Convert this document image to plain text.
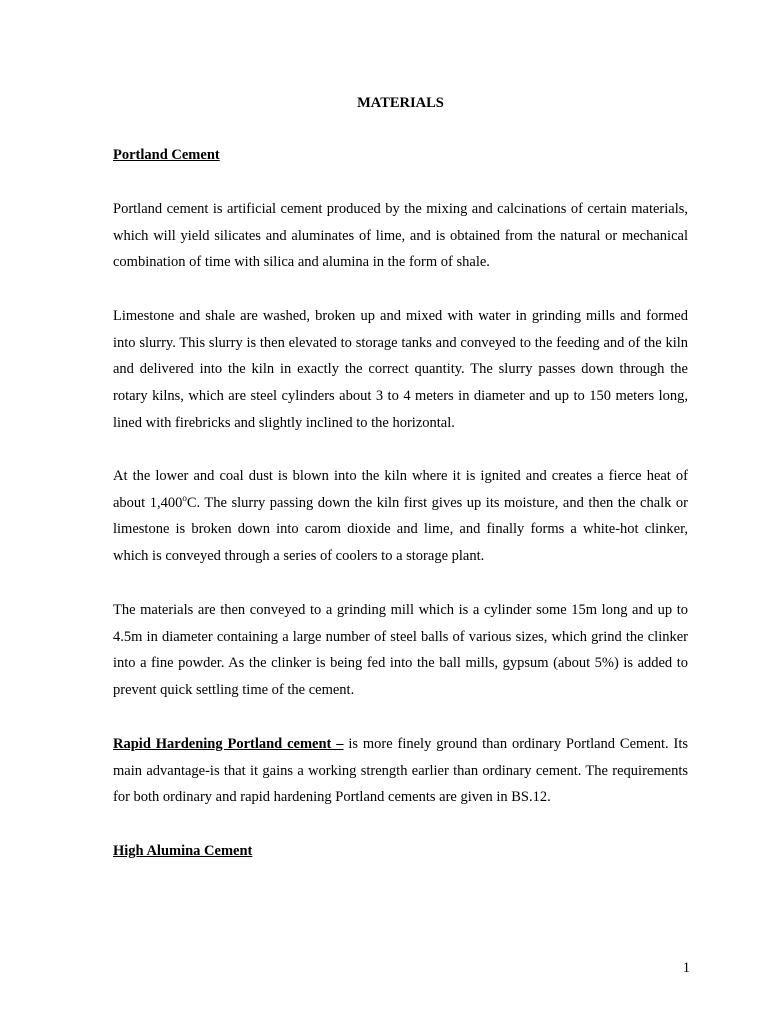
MATERIALS
Portland Cement

Portland cement is artificial cement produced by the mixing and calcinations of certain materials, which will yield silicates and aluminates of lime, and is obtained from the natural or mechanical combination of time with silica and alumina in the form of shale.

Limestone and shale are washed, broken up and mixed with water in grinding mills and formed into slurry. This slurry is then elevated to storage tanks and conveyed to the feeding and of the kiln and delivered into the kiln in exactly the correct quantity. The slurry passes down through the rotary kilns, which are steel cylinders about 3 to 4 meters in diameter and up to 150 meters long, lined with firebricks and slightly inclined to the horizontal.

At the lower and coal dust is blown into the kiln where it is ignited and creates a fierce heat of about 1,400$^o$C. The slurry passing down the kiln first gives up its moisture, and then the chalk or limestone is broken down into carom dioxide and lime, and finally forms a white-hot clinker, which is conveyed through a series of coolers to a storage plant.

The materials are then conveyed to a grinding mill which is a cylinder some 15m long and up to 4.5m in diameter containing a large number of steel balls of various sizes, which grind the clinker into a fine powder. As the clinker is being fed into the ball mills, gypsum (about 5%) is added to prevent quick settling time of the cement.

Rapid Hardening Portland cement – is more finely ground than ordinary Portland Cement. Its main advantage-is that it gains a working strength earlier than ordinary cement. The requirements for both ordinary and rapid hardening Portland cements are given in BS.12.

High Alumina Cement
1
